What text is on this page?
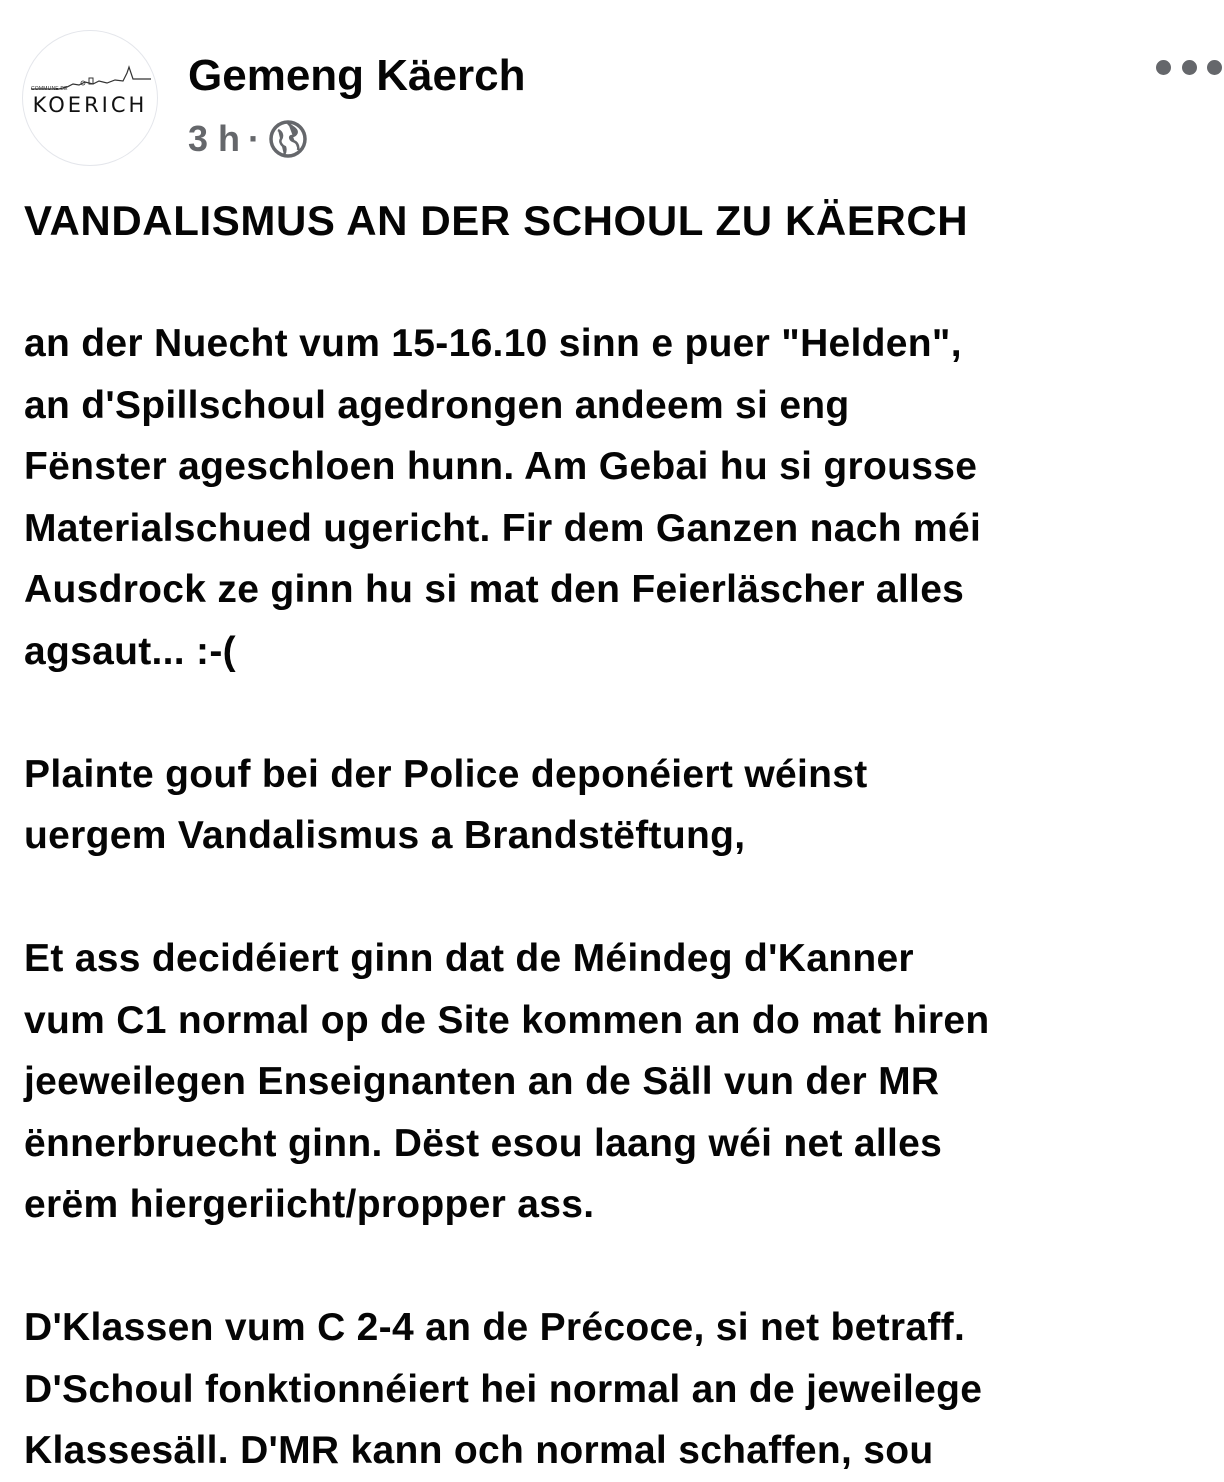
COMMUNE DE
KOERICH
Gemeng Käerch
3 h ·
VANDALISMUS AN DER SCHOUL ZU KÄERCH
an der Nuecht vum 15-16.10 sinn e puer "Helden",
an d'Spillschoul agedrongen andeem si eng
Fënster ageschloen hunn. Am Gebai hu si grousse
Materialschued ugericht. Fir dem Ganzen nach méi
Ausdrock ze ginn hu si mat den Feierläscher alles
agsaut... :-(
Plainte gouf bei der Police deponéiert wéinst
uergem Vandalismus a Brandstëftung,
Et ass decidéiert ginn dat de Méindeg d'Kanner
vum C1 normal op de Site kommen an do mat hiren
jeeweilegen Enseignanten an de Säll vun der MR
ënnerbruecht ginn. Dëst esou laang wéi net alles
erëm hiergeriicht/propper ass.
D'Klassen vum C 2-4 an de Précoce, si net betraff.
D'Schoul fonktionnéiert hei normal an de jeweilege
Klassesäll. D'MR kann och normal schaffen, sou
